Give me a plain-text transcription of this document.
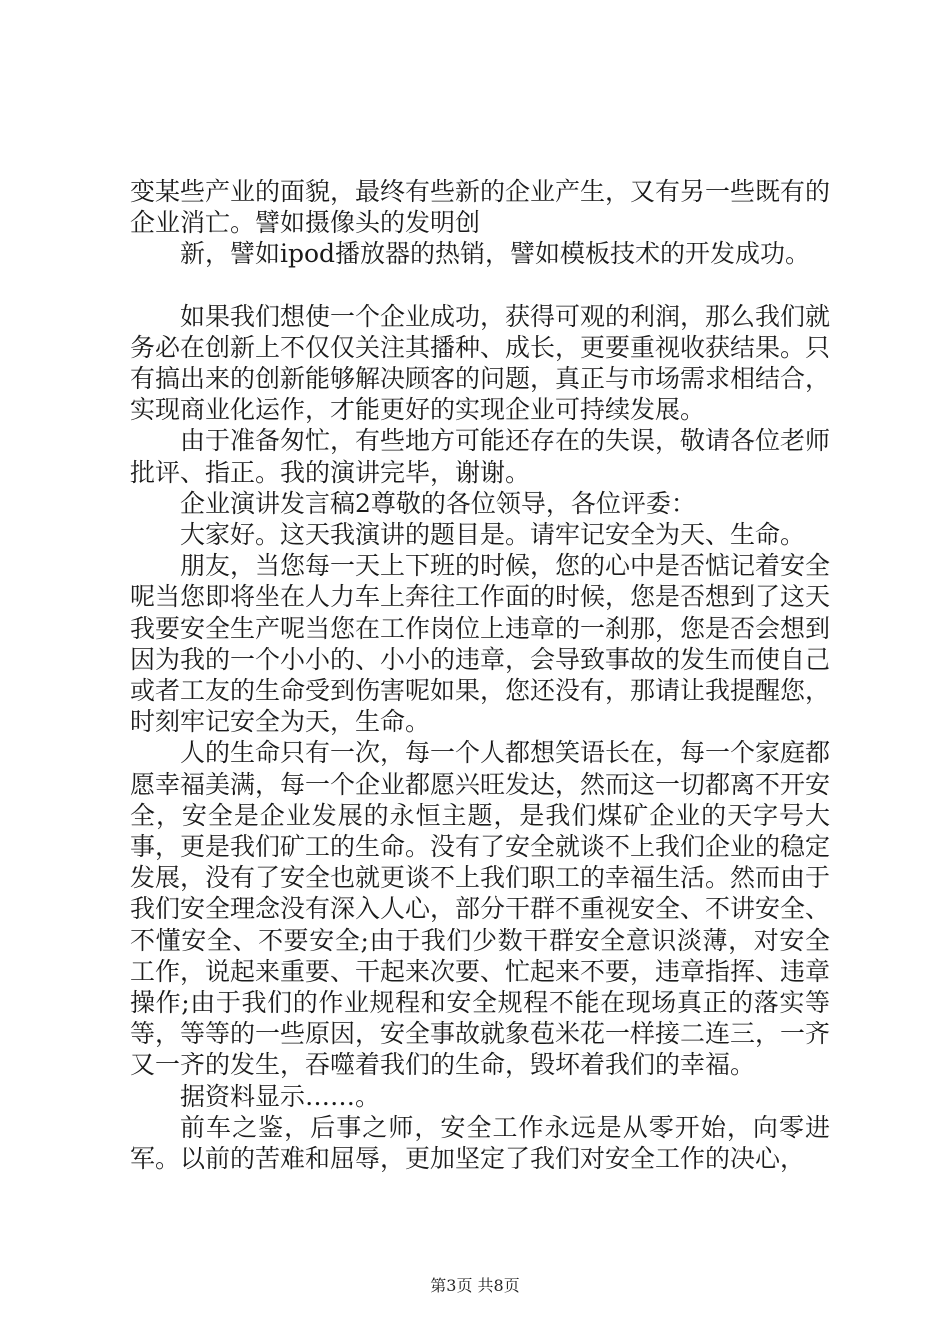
变某些产业的面貌，最终有些新的企业产生，又有另一些既有的企业消亡。譬如摄像头的发明创

新，譬如ipod播放器的热销，譬如模板技术的开发成功。

如果我们想使一个企业成功，获得可观的利润，那么我们就务必在创新上不仅仅关注其播种、成长，更要重视收获结果。只有搞出来的创新能够解决顾客的问题，真正与市场需求相结合，实现商业化运作，才能更好的实现企业可持续发展。

由于准备匆忙，有些地方可能还存在的失误，敬请各位老师批评、指正。我的演讲完毕，谢谢。

企业演讲发言稿2尊敬的各位领导，各位评委：

大家好。这天我演讲的题目是。请牢记安全为天、生命。

朋友，当您每一天上下班的时候，您的心中是否惦记着安全呢当您即将坐在人力车上奔往工作面的时候，您是否想到了这天我要安全生产呢当您在工作岗位上违章的一刹那，您是否会想到因为我的一个小小的、小小的违章，会导致事故的发生而使自己或者工友的生命受到伤害呢如果，您还没有，那请让我提醒您，时刻牢记安全为天，生命。

人的生命只有一次，每一个人都想笑语长在，每一个家庭都愿幸福美满，每一个企业都愿兴旺发达，然而这一切都离不开安全，安全是企业发展的永恒主题，是我们煤矿企业的天字号大事，更是我们矿工的生命。没有了安全就谈不上我们企业的稳定发展，没有了安全也就更谈不上我们职工的幸福生活。然而由于我们安全理念没有深入人心，部分干群不重视安全、不讲安全、不懂安全、不要安全;由于我们少数干群安全意识淡薄，对安全工作，说起来重要、干起来次要、忙起来不要，违章指挥、违章操作;由于我们的作业规程和安全规程不能在现场真正的落实等等，等等的一些原因，安全事故就象苞米花一样接二连三，一齐又一齐的发生，吞噬着我们的生命，毁坏着我们的幸福。

据资料显示……。

前车之鉴，后事之师，安全工作永远是从零开始，向零进军。以前的苦难和屈辱，更加坚定了我们对安全工作的决心，

第3页 共8页
